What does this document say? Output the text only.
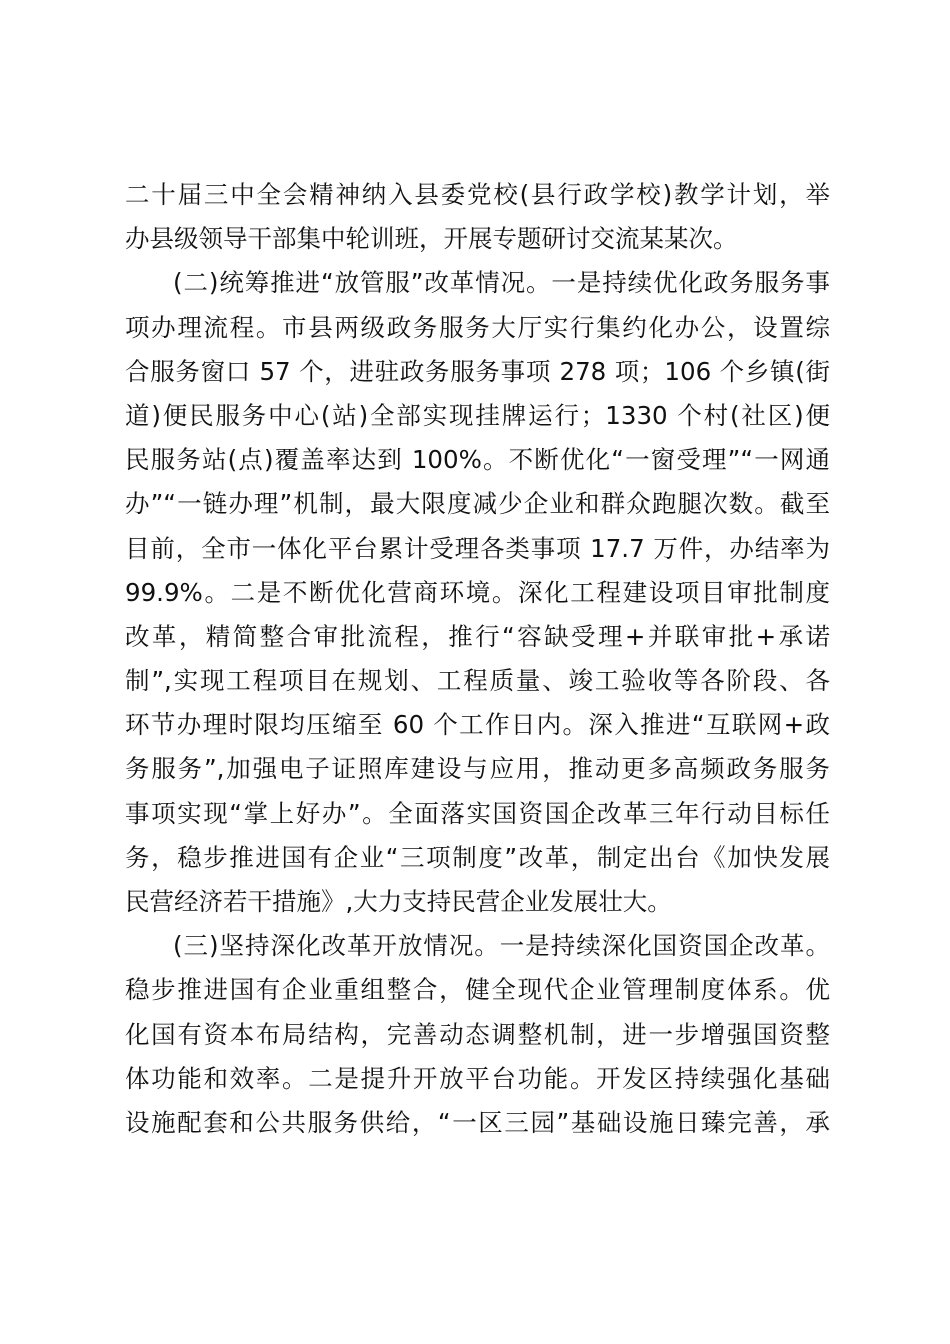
二十届三中全会精神纳入县委党校(县行政学校)教学计划，举
办县级领导干部集中轮训班，开展专题研讨交流某某次。
(二)统筹推进“放管服”改革情况。一是持续优化政务服务事
项办理流程。市县两级政务服务大厅实行集约化办公，设置综
合服务窗口 57 个，进驻政务服务事项 278 项；106 个乡镇(街
道)便民服务中心(站)全部实现挂牌运行；1330 个村(社区)便
民服务站(点)覆盖率达到 100%。不断优化“一窗受理”“一网通
办”“一链办理”机制，最大限度减少企业和群众跑腿次数。截至
目前，全市一体化平台累计受理各类事项 17.7 万件，办结率为
99.9%。二是不断优化营商环境。深化工程建设项目审批制度
改革，精简整合审批流程，推行“容缺受理+并联审批+承诺
制”,实现工程项目在规划、工程质量、竣工验收等各阶段、各
环节办理时限均压缩至 60 个工作日内。深入推进“互联网+政
务服务”,加强电子证照库建设与应用，推动更多高频政务服务
事项实现“掌上好办”。全面落实国资国企改革三年行动目标任
务，稳步推进国有企业“三项制度”改革，制定出台《加快发展
民营经济若干措施》,大力支持民营企业发展壮大。
(三)坚持深化改革开放情况。一是持续深化国资国企改革。
稳步推进国有企业重组整合，健全现代企业管理制度体系。优
化国有资本布局结构，完善动态调整机制，进一步增强国资整
体功能和效率。二是提升开放平台功能。开发区持续强化基础
设施配套和公共服务供给，“一区三园”基础设施日臻完善，承
